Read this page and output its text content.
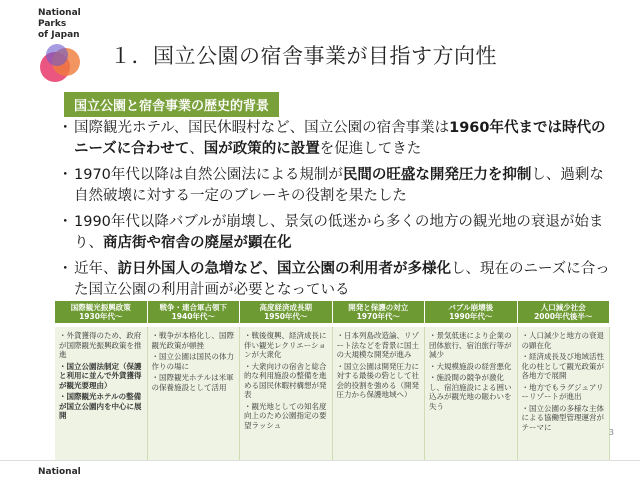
National
Parks
of Japan
１．国立公園の宿舎事業が目指す方向性
国立公園と宿舎事業の歴史的背景
・ 国際観光ホテル、国民休暇村など、国立公園の宿舎事業は1960年代までは時代のニーズに合わせて、国が政策的に設置を促進してきた
・ 1970年代以降は自然公園法による規制が民間の旺盛な開発圧力を抑制し、過剰な自然破壊に対する一定のブレーキの役割を果たした
・ 1990年代以降バブルが崩壊し、景気の低迷から多くの地方の観光地の衰退が始まり、商店街や宿舎の廃屋が顕在化
・ 近年、訪日外国人の急増など、国立公園の利用者が多様化し、現在のニーズに合った国立公園の利用計画が必要となっている
国際観光振興政策
1930年代～
・外貨獲得のため、政府が国際観光振興政策を推進
・国立公園法制定（保護と利用に並んで外貨獲得が観光要理由）
・国際観光ホテルの整備が国立公園内を中心に展開
戦争・連合軍占領下
1940年代～
・戦争が本格化し、国際観光政策が頓挫
・国立公園は国民の体力作りの場に
・国際観光ホテルは米軍の保養施設として活用
高度経済成長期
1950年代～
・戦後復興、経済成長に伴い観光レクリエーションが大衆化
・大衆向けの宿舎と総合的な利用施設の整備を進める国民休暇村構想が発表
・観光地としての知名度向上のため公園指定の要望ラッシュ
開発と保護の対立
1970年代～
・日本列島改造論、リゾート法などを背景に国土の大規模な開発が進み
・国立公園は開発圧力に対する最後の砦として社会的役割を強める（開発圧力から保護地域へ）
バブル崩壊後
1990年代～
・景気低迷により企業の団体旅行、宿泊旅行等が減少
・大規模施設の経営悪化
・施設間の競争が激化し、宿泊施設による囲い込みが観光地の賑わいを失う
人口減少社会
2000年代後半～
・人口減少と地方の衰退の顕在化
・経済成長及び地域活性化の柱として観光政策が各地方で展開
・地方でもラグジュアリーリゾートが進出
・国立公園の多様な主体による協働型管理運営がテーマに
3
National
